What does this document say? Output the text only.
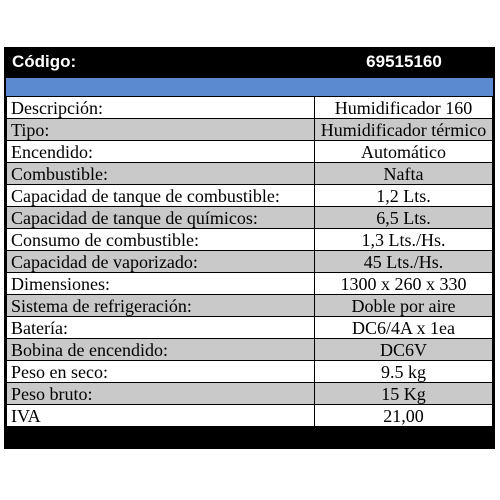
Código:	69515160
Descripción:	Humidificador 160
Tipo:	Humidificador térmico
Encendido:	Automático
Combustible:	Nafta
Capacidad de tanque de combustible:	1,2 Lts.
Capacidad de tanque de químicos:	6,5 Lts.
Consumo de combustible:	1,3 Lts./Hs.
Capacidad de vaporizado:	45 Lts./Hs.
Dimensiones:	1300 x 260 x 330
Sistema de refrigeración:	Doble por aire
Batería:	DC6/4A x 1ea
Bobina de encendido:	DC6V
Peso en seco:	9.5 kg
Peso bruto:	15 Kg
IVA	21,00
